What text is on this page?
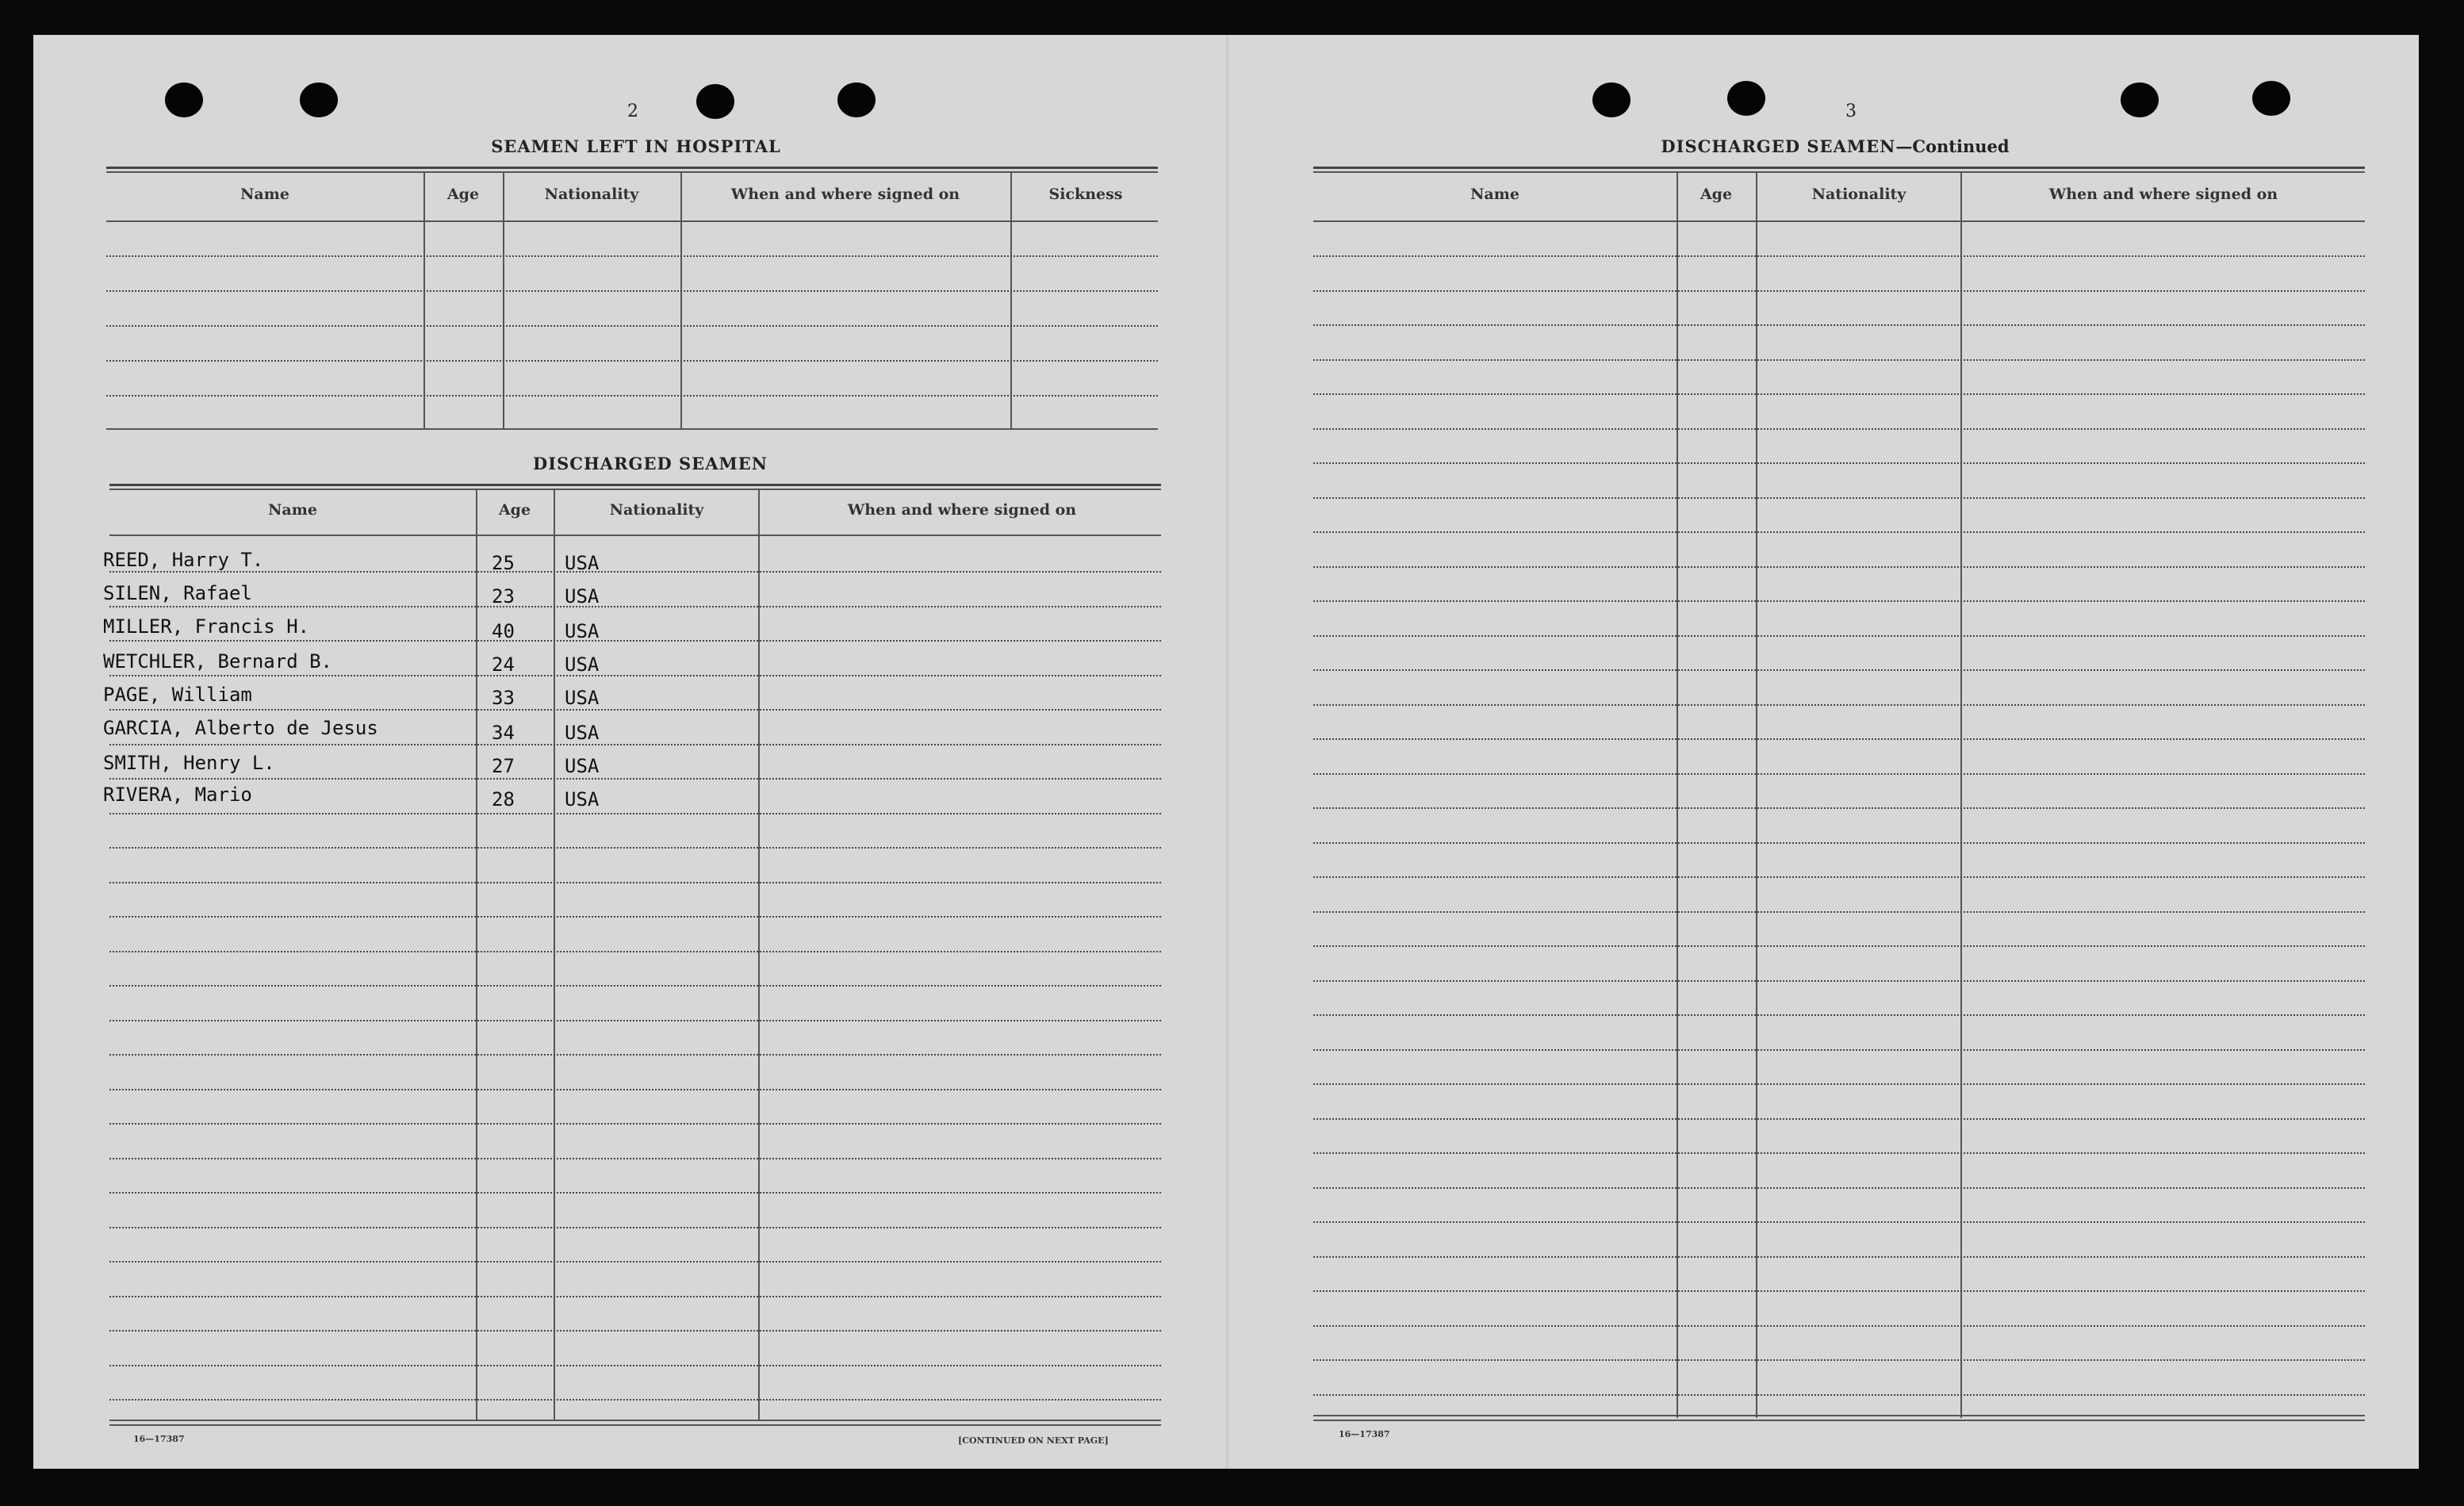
2
SEAMEN LEFT IN HOSPITAL
Name	Age	Nationality	When and where signed on	Sickness
DISCHARGED SEAMEN
Name	Age	Nationality	When and where signed on
REED, Harry T.	25	USA
SILEN, Rafael	23	USA
MILLER, Francis H.	40	USA
WETCHLER, Bernard B.	24	USA
PAGE, William	33	USA
GARCIA, Alberto de Jesus	34	USA
SMITH, Henry L.	27	USA
RIVERA, Mario	28	USA
16—17387	[CONTINUED ON NEXT PAGE]
3
DISCHARGED SEAMEN—Continued
Name	Age	Nationality	When and where signed on
16—17387
